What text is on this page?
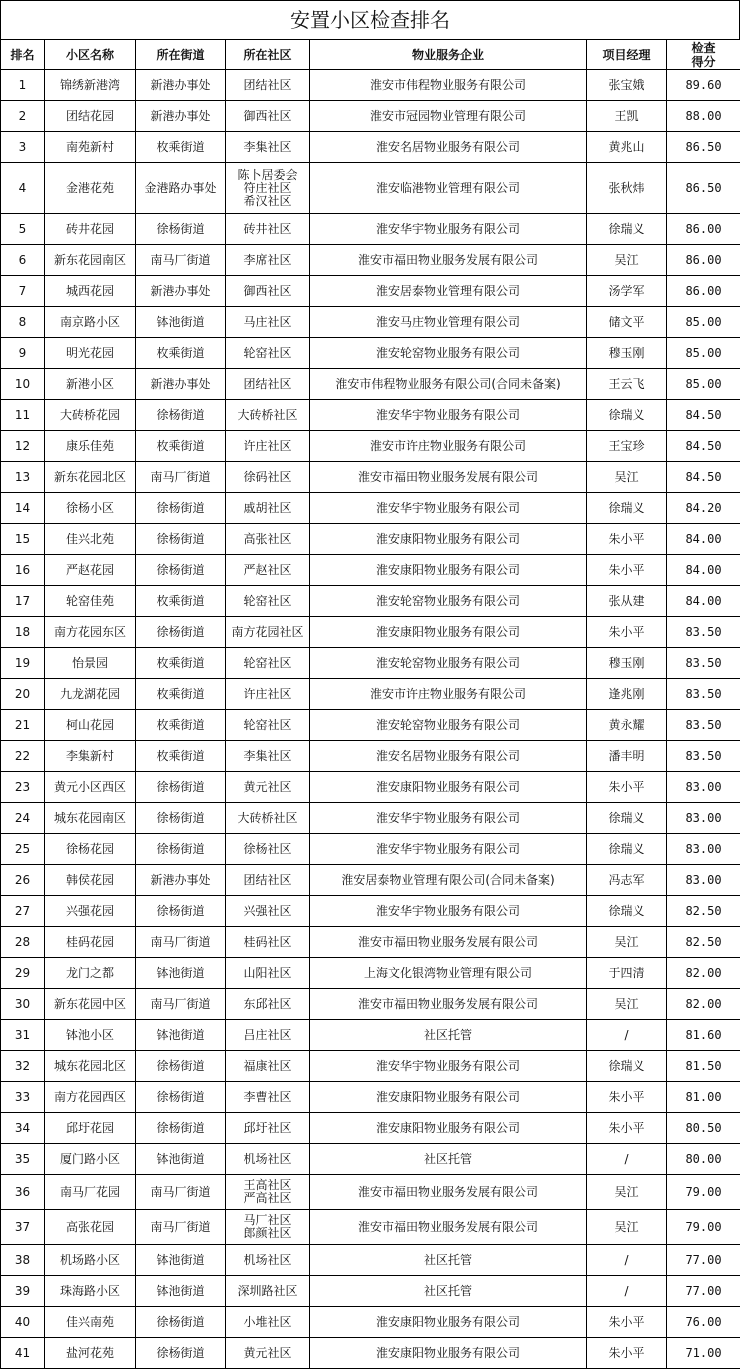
安置小区检查排名
排名	小区名称	所在街道	所在社区	物业服务企业	项目经理	检查
得分

1	锦绣新港湾	新港办事处	团结社区	淮安市伟程物业服务有限公司	张宝娥	89.60
2	团结花园	新港办事处	御西社区	淮安市冠园物业管理有限公司	王凯	88.00
3	南苑新村	枚乘街道	李集社区	淮安名居物业服务有限公司	黄兆山	86.50
4	金港花苑	金港路办事处	陈卜居委会
符庄社区
希汉社区	淮安临港物业管理有限公司	张秋炜	86.50
5	砖井花园	徐杨街道	砖井社区	淮安华宇物业服务有限公司	徐瑞义	86.00
6	新东花园南区	南马厂街道	李席社区	淮安市福田物业服务发展有限公司	吴江	86.00
7	城西花园	新港办事处	御西社区	淮安居泰物业管理有限公司	汤学军	86.00
8	南京路小区	钵池街道	马庄社区	淮安马庄物业管理有限公司	储文平	85.00
9	明光花园	枚乘街道	轮窑社区	淮安轮窑物业服务有限公司	穆玉刚	85.00
10	新港小区	新港办事处	团结社区	淮安市伟程物业服务有限公司(合同未备案)	王云飞	85.00
11	大砖桥花园	徐杨街道	大砖桥社区	淮安华宇物业服务有限公司	徐瑞义	84.50
12	康乐佳苑	枚乘街道	许庄社区	淮安市许庄物业服务有限公司	王宝珍	84.50
13	新东花园北区	南马厂街道	徐码社区	淮安市福田物业服务发展有限公司	吴江	84.50
14	徐杨小区	徐杨街道	戚胡社区	淮安华宇物业服务有限公司	徐瑞义	84.20
15	佳兴北苑	徐杨街道	高张社区	淮安康阳物业服务有限公司	朱小平	84.00
16	严赵花园	徐杨街道	严赵社区	淮安康阳物业服务有限公司	朱小平	84.00
17	轮窑佳苑	枚乘街道	轮窑社区	淮安轮窑物业服务有限公司	张从建	84.00
18	南方花园东区	徐杨街道	南方花园社区	淮安康阳物业服务有限公司	朱小平	83.50
19	怡景园	枚乘街道	轮窑社区	淮安轮窑物业服务有限公司	穆玉刚	83.50
20	九龙湖花园	枚乘街道	许庄社区	淮安市许庄物业服务有限公司	逢兆刚	83.50
21	柯山花园	枚乘街道	轮窑社区	淮安轮窑物业服务有限公司	黄永耀	83.50
22	李集新村	枚乘街道	李集社区	淮安名居物业服务有限公司	潘丰明	83.50
23	黄元小区西区	徐杨街道	黄元社区	淮安康阳物业服务有限公司	朱小平	83.00
24	城东花园南区	徐杨街道	大砖桥社区	淮安华宇物业服务有限公司	徐瑞义	83.00
25	徐杨花园	徐杨街道	徐杨社区	淮安华宇物业服务有限公司	徐瑞义	83.00
26	韩侯花园	新港办事处	团结社区	淮安居泰物业管理有限公司(合同未备案)	冯志军	83.00
27	兴强花园	徐杨街道	兴强社区	淮安华宇物业服务有限公司	徐瑞义	82.50
28	桂码花园	南马厂街道	桂码社区	淮安市福田物业服务发展有限公司	吴江	82.50
29	龙门之都	钵池街道	山阳社区	上海文化银湾物业管理有限公司	于四清	82.00
30	新东花园中区	南马厂街道	东邱社区	淮安市福田物业服务发展有限公司	吴江	82.00
31	钵池小区	钵池街道	吕庄社区	社区托管	/	81.60
32	城东花园北区	徐杨街道	福康社区	淮安华宇物业服务有限公司	徐瑞义	81.50
33	南方花园西区	徐杨街道	李曹社区	淮安康阳物业服务有限公司	朱小平	81.00
34	邱圩花园	徐杨街道	邱圩社区	淮安康阳物业服务有限公司	朱小平	80.50
35	厦门路小区	钵池街道	机场社区	社区托管	/	80.00
36	南马厂花园	南马厂街道	王高社区
严高社区	淮安市福田物业服务发展有限公司	吴江	79.00
37	高张花园	南马厂街道	马厂社区
郎颜社区	淮安市福田物业服务发展有限公司	吴江	79.00
38	机场路小区	钵池街道	机场社区	社区托管	/	77.00
39	珠海路小区	钵池街道	深圳路社区	社区托管	/	77.00
40	佳兴南苑	徐杨街道	小堆社区	淮安康阳物业服务有限公司	朱小平	76.00
41	盐河花苑	徐杨街道	黄元社区	淮安康阳物业服务有限公司	朱小平	71.00
